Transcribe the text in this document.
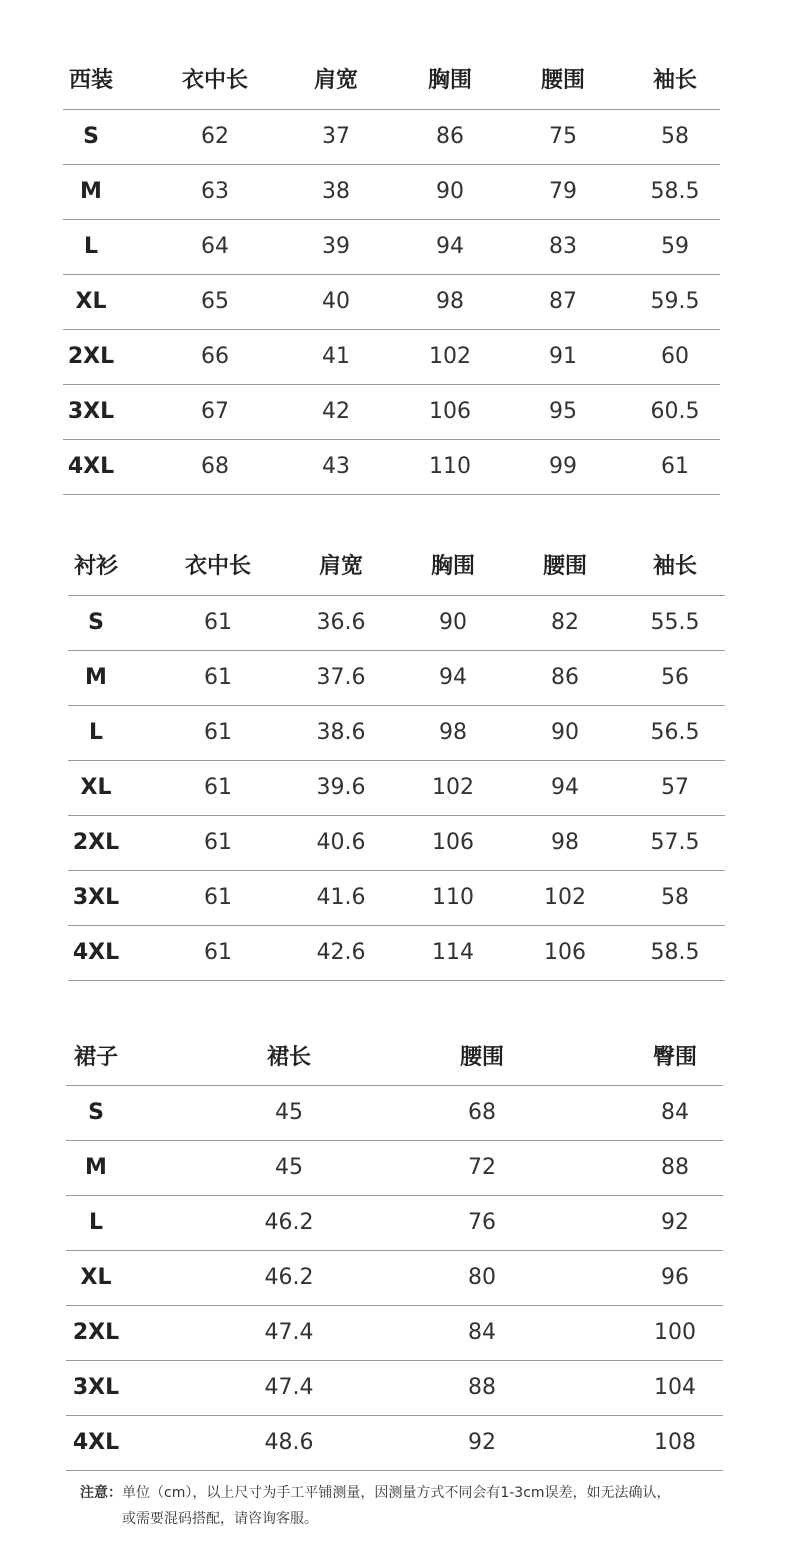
西装	衣中长	肩宽	胸围	腰围	袖长
S	62	37	86	75	58
M	63	38	90	79	58.5
L	64	39	94	83	59
XL	65	40	98	87	59.5
2XL	66	41	102	91	60
3XL	67	42	106	95	60.5
4XL	68	43	110	99	61
衬衫	衣中长	肩宽	胸围	腰围	袖长
S	61	36.6	90	82	55.5
M	61	37.6	94	86	56
L	61	38.6	98	90	56.5
XL	61	39.6	102	94	57
2XL	61	40.6	106	98	57.5
3XL	61	41.6	110	102	58
4XL	61	42.6	114	106	58.5
裙子	裙长	腰围	臀围
S	45	68	84
M	45	72	88
L	46.2	76	92
XL	46.2	80	96
2XL	47.4	84	100
3XL	47.4	88	104
4XL	48.6	92	108
注意：单位（cm），以上尺寸为手工平铺测量，因测量方式不同会有1-3cm误差，如无法确认，
或需要混码搭配，请咨询客服。
